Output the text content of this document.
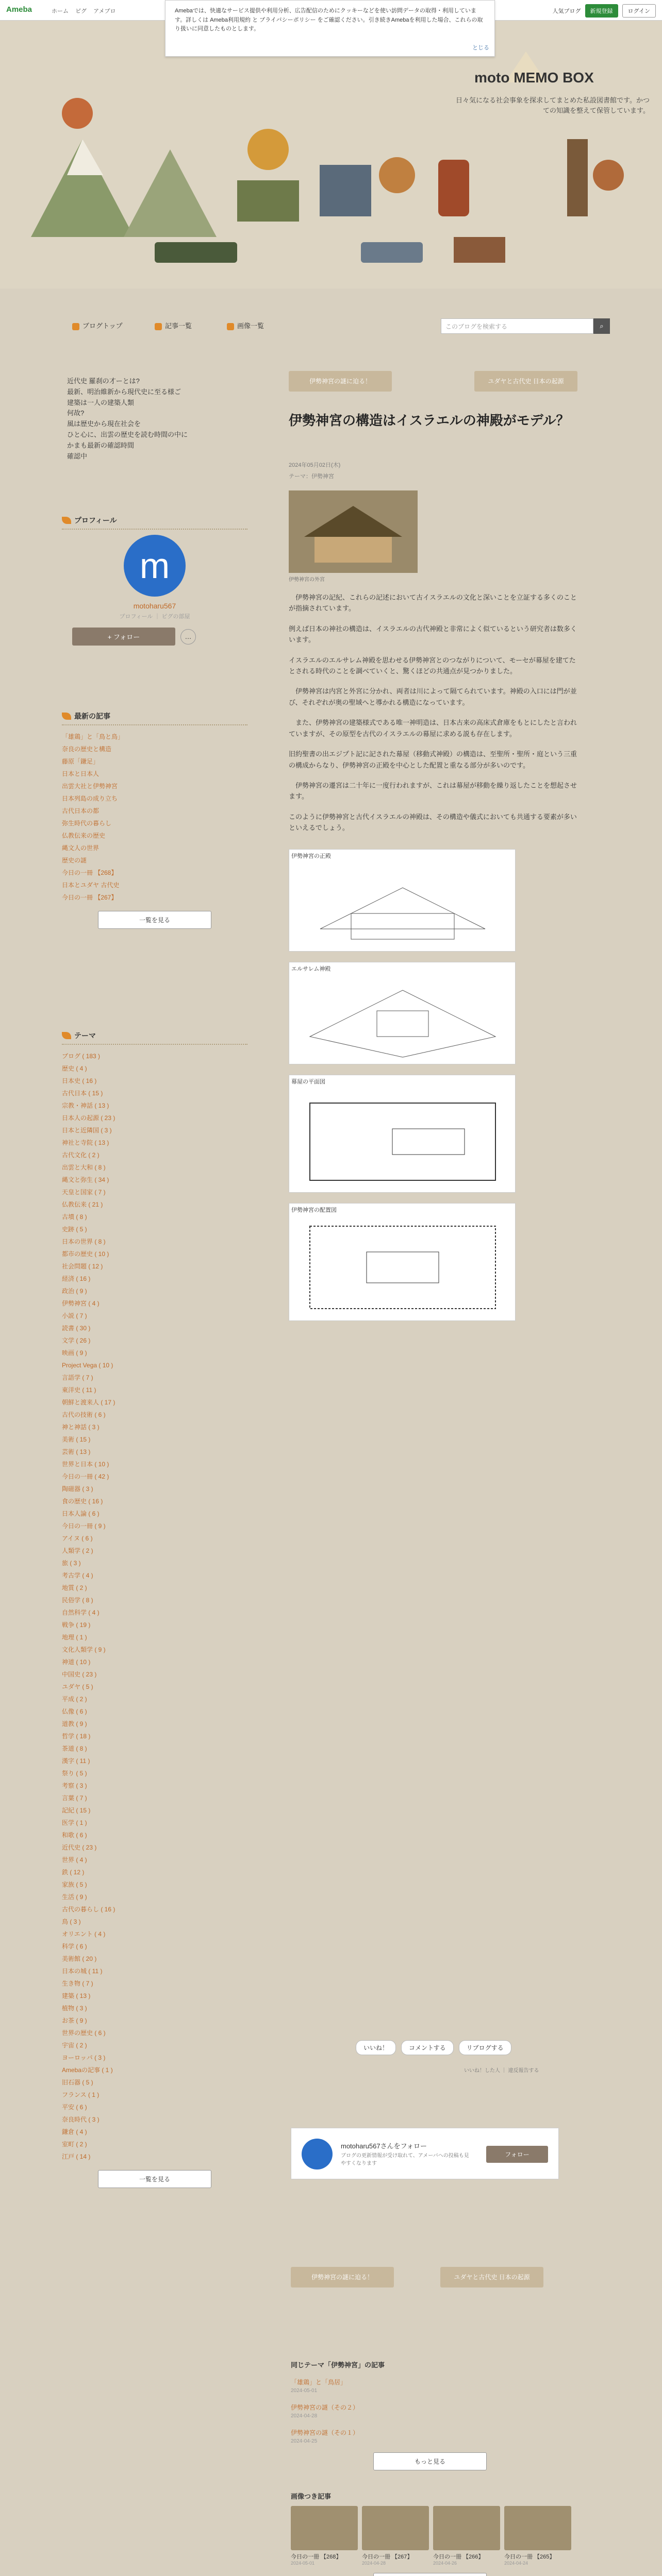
Ameba	ホーム ピグ アメブロ	人気ブログ	新規登録	ログイン
moto MEMO BOX
日々気になる社会事象を探求してまとめた私設図書館です。かつての知識を整えて保管しています。
Amebaでは、快適なサービス提供や利用分析、広告配信のためにクッキーなどを使い訪問データの取得・利用しています。詳しくは Ameba利用規約 と プライバシーポリシー をご確認ください。引き続きAmebaを利用した場合、これらの取り扱いに同意したものとします。
とじる
ブログトップ	記事一覧	画像一覧	このブログを検索する	⌕
近代史 羅刹の才ーとは?
最新、明治維新から現代史に至る様ご
建築は一人の建築人類
何故?
風は歴史から現在社会を
ひと心に、出雲の歴史を読む時間の中に
かまも最新の確認時間
確認中
プロフィール
m
motoharu567
プロフィール ｜ ピグの部屋
+ フォロー	…
最新の記事
「雄鶏」と「鳥と鳥」
奈良の歴史と構造
藤原「鎌足」
日本と日本人
出雲大社と伊勢神宮
日本列島の成り立ち
古代日本の都
弥生時代の暮らし
仏教伝来の歴史
縄文人の世界
歴史の謎
今日の一冊 【268】
日本とユダヤ 古代史
今日の一冊 【267】
一覧を見る
テーマ
ブログ ( 183 )
歴史 ( 4 )
日本史 ( 16 )
古代日本 ( 15 )
宗教・神話 ( 13 )
日本人の起源 ( 23 )
日本と近隣国 ( 3 )
神社と寺院 ( 13 )
古代文化 ( 2 )
出雲と大和 ( 8 )
縄文と弥生 ( 34 )
天皇と国家 ( 7 )
仏教伝来 ( 21 )
古墳 ( 8 )
史跡 ( 5 )
日本の世界 ( 8 )
都市の歴史 ( 10 )
社会問題 ( 12 )
経済 ( 16 )
政治 ( 9 )
伊勢神宮 ( 4 )
小説 ( 7 )
読書 ( 30 )
文学 ( 26 )
映画 ( 9 )
Project Vega ( 10 )
言語学 ( 7 )
東洋史 ( 11 )
朝鮮と渡来人 ( 17 )
古代の技術 ( 6 )
神と神話 ( 3 )
美術 ( 15 )
芸術 ( 13 )
世界と日本 ( 10 )
今日の一冊 ( 42 )
陶磁器 ( 3 )
食の歴史 ( 16 )
日本人論 ( 6 )
今日の一冊 ( 9 )
アイヌ ( 6 )
人類学 ( 2 )
旅 ( 3 )
考古学 ( 4 )
地質 ( 2 )
民俗学 ( 8 )
自然科学 ( 4 )
戦争 ( 19 )
地理 ( 1 )
文化人類学 ( 9 )
神道 ( 10 )
中国史 ( 23 )
ユダヤ ( 5 )
平成 ( 2 )
仏像 ( 6 )
道教 ( 9 )
哲学 ( 18 )
茶道 ( 8 )
漢字 ( 11 )
祭り ( 5 )
考察 ( 3 )
言葉 ( 7 )
記紀 ( 15 )
医学 ( 1 )
和歌 ( 6 )
近代史 ( 23 )
世界 ( 4 )
鉄 ( 12 )
家族 ( 5 )
生活 ( 9 )
古代の暮らし ( 16 )
鳥 ( 3 )
オリエント ( 4 )
科学 ( 6 )
美術館 ( 20 )
日本の城 ( 11 )
生き物 ( 7 )
建築 ( 13 )
植物 ( 3 )
お茶 ( 9 )
世界の歴史 ( 6 )
宇宙 ( 2 )
ヨーロッパ ( 3 )
Amebaの記事 ( 1 )
旧石器 ( 5 )
フランス ( 1 )
平安 ( 6 )
奈良時代 ( 3 )
鎌倉 ( 4 )
室町 ( 2 )
江戸 ( 14 )
一覧を見る
伊勢神宮の謎に迫る！	ユダヤと古代史 日本の起源
伊勢神宮の構造はイスラエルの神殿がモデル？
2024年05月02日(木)
テーマ：伊勢神宮
伊勢神宮の外宮

　伊勢神宮の記紀、これらの記述において古イスラエルの文化と深いことを立証する多くのことが指摘されています。

例えば日本の神社の構造は、イスラエルの古代神殿と非常によく似ているという研究者は数多くいます。

イスラエルのエルサレム神殿を思わせる伊勢神宮とのつながりについて、モーセが幕屋を建てたとされる時代のことを調べていくと、驚くほどの共通点が見つかりました。

　伊勢神宮は内宮と外宮に分かれ、両者は川によって隔てられています。神殿の入口には門が並び、それぞれが奥の聖域へと導かれる構造になっています。

　また、伊勢神宮の建築様式である唯一神明造は、日本古来の高床式倉庫をもとにしたと言われていますが、その原型を古代のイスラエルの幕屋に求める説も存在します。

旧約聖書の出エジプト記に記された幕屋（移動式神殿）の構造は、至聖所・聖所・庭という三重の構成からなり、伊勢神宮の正殿を中心とした配置と重なる部分が多いのです。

　伊勢神宮の遷宮は二十年に一度行われますが、これは幕屋が移動を繰り返したことを想起させます。

このように伊勢神宮と古代イスラエルの神殿は、その構造や儀式においても共通する要素が多いといえるでしょう。

伊勢神宮の正殿
エルサレム神殿
幕屋の平面図
伊勢神宮の配置図
いいね！	コメントする	リブログする
いいね！した人 ｜ 違反報告する
motoharu567さんをフォロー
ブログの更新情報が受け取れて、アメーバへの投稿も見やすくなります
フォロー
伊勢神宮の謎に迫る！	ユダヤと古代史 日本の起源
同じテーマ「伊勢神宮」の記事
「雄鶏」と「鳥居」
2024-05-01
伊勢神宮の謎（その２）
2024-04-28
伊勢神宮の謎（その１）
2024-04-25
もっと見る
画像つき記事
今日の一冊 【268】
2024-05-01
今日の一冊 【267】
2024-04-28
今日の一冊 【266】
2024-04-26
今日の一冊 【265】
2024-04-24
